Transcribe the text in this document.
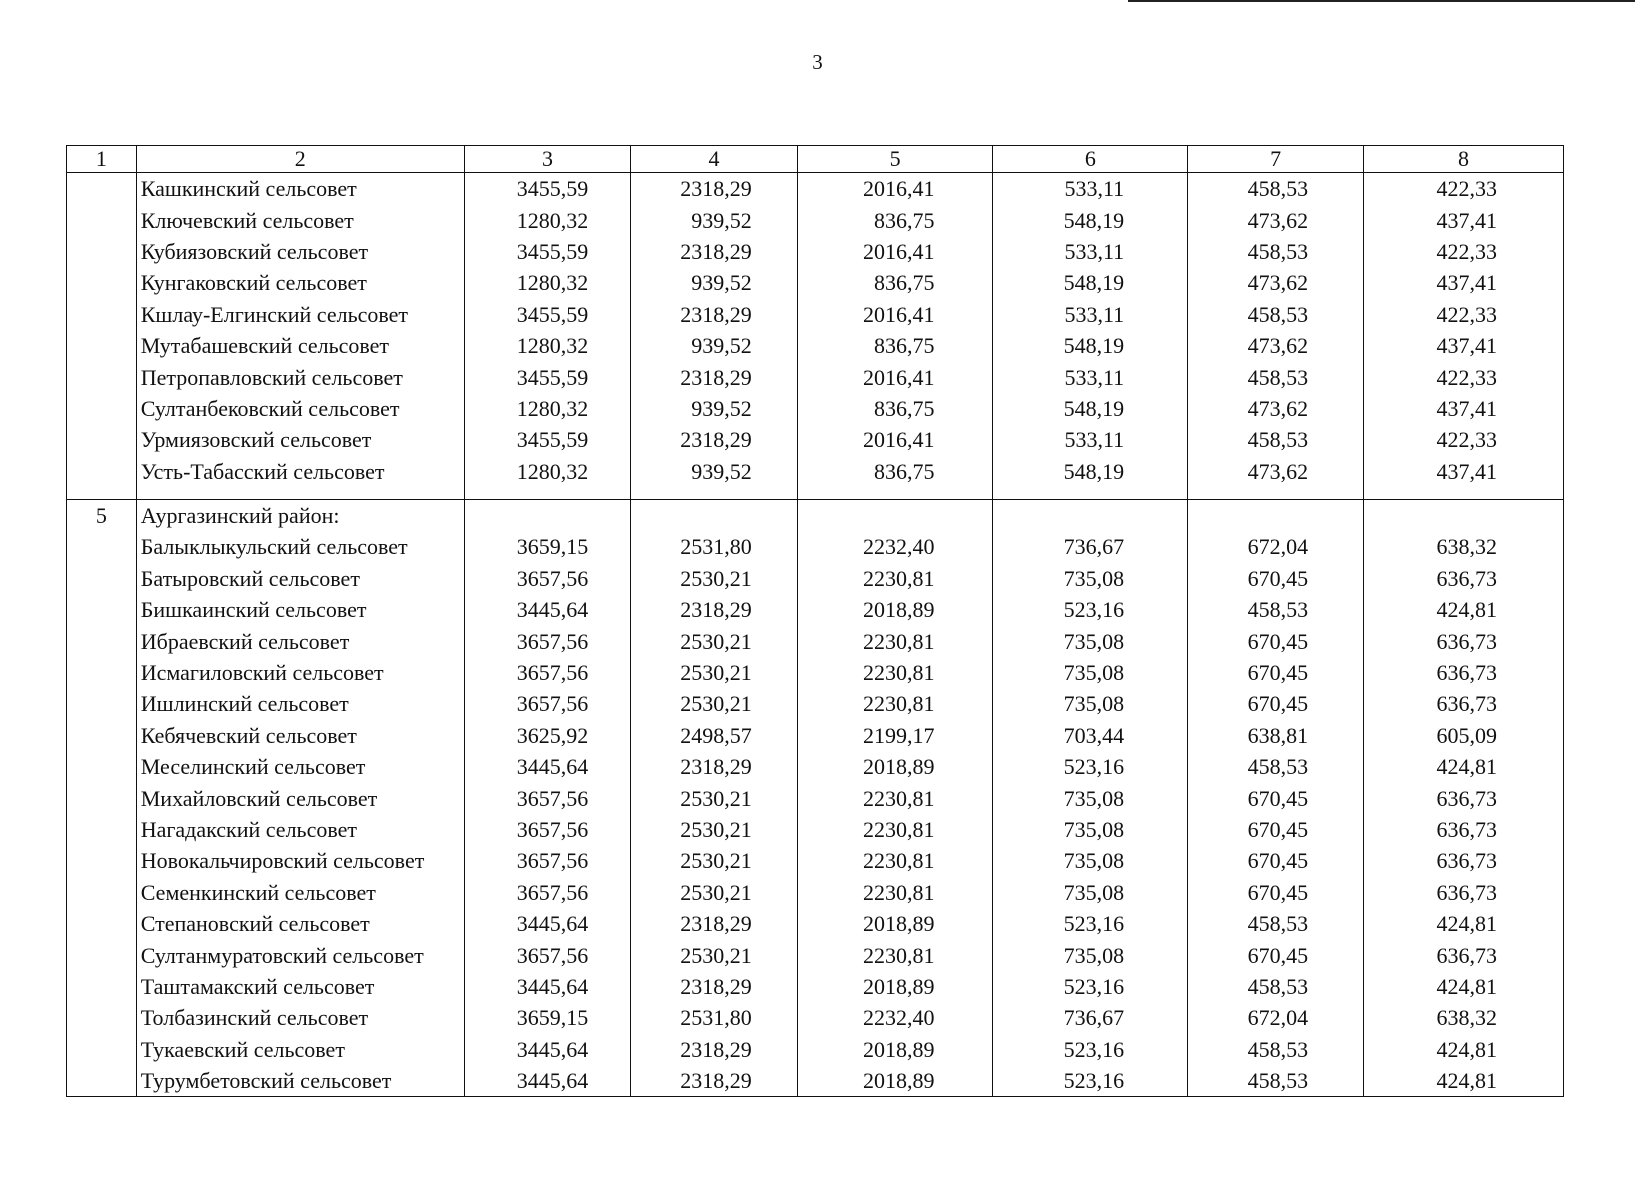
3
1	2	3	4	5	6	7	8
	Кашкинский сельсовет	3455,59	2318,29	2016,41	533,11	458,53	422,33
	Ключевский сельсовет	1280,32	939,52	836,75	548,19	473,62	437,41
	Кубиязовский сельсовет	3455,59	2318,29	2016,41	533,11	458,53	422,33
	Кунгаковский сельсовет	1280,32	939,52	836,75	548,19	473,62	437,41
	Кшлау-Елгинский сельсовет	3455,59	2318,29	2016,41	533,11	458,53	422,33
	Мутабашевский сельсовет	1280,32	939,52	836,75	548,19	473,62	437,41
	Петропавловский сельсовет	3455,59	2318,29	2016,41	533,11	458,53	422,33
	Султанбековский сельсовет	1280,32	939,52	836,75	548,19	473,62	437,41
	Урмиязовский сельсовет	3455,59	2318,29	2016,41	533,11	458,53	422,33
	Усть-Табасский сельсовет	1280,32	939,52	836,75	548,19	473,62	437,41

5	Аургазинский район:						
	Балыклыкульский сельсовет	3659,15	2531,80	2232,40	736,67	672,04	638,32
	Батыровский сельсовет	3657,56	2530,21	2230,81	735,08	670,45	636,73
	Бишкаинский сельсовет	3445,64	2318,29	2018,89	523,16	458,53	424,81
	Ибраевский сельсовет	3657,56	2530,21	2230,81	735,08	670,45	636,73
	Исмагиловский сельсовет	3657,56	2530,21	2230,81	735,08	670,45	636,73
	Ишлинский сельсовет	3657,56	2530,21	2230,81	735,08	670,45	636,73
	Кебячевский сельсовет	3625,92	2498,57	2199,17	703,44	638,81	605,09
	Меселинский сельсовет	3445,64	2318,29	2018,89	523,16	458,53	424,81
	Михайловский сельсовет	3657,56	2530,21	2230,81	735,08	670,45	636,73
	Нагадакский сельсовет	3657,56	2530,21	2230,81	735,08	670,45	636,73
	Новокальчировский сельсовет	3657,56	2530,21	2230,81	735,08	670,45	636,73
	Семенкинский сельсовет	3657,56	2530,21	2230,81	735,08	670,45	636,73
	Степановский сельсовет	3445,64	2318,29	2018,89	523,16	458,53	424,81
	Султанмуратовский сельсовет	3657,56	2530,21	2230,81	735,08	670,45	636,73
	Таштамакский сельсовет	3445,64	2318,29	2018,89	523,16	458,53	424,81
	Толбазинский сельсовет	3659,15	2531,80	2232,40	736,67	672,04	638,32
	Тукаевский сельсовет	3445,64	2318,29	2018,89	523,16	458,53	424,81
	Турумбетовский сельсовет	3445,64	2318,29	2018,89	523,16	458,53	424,81
